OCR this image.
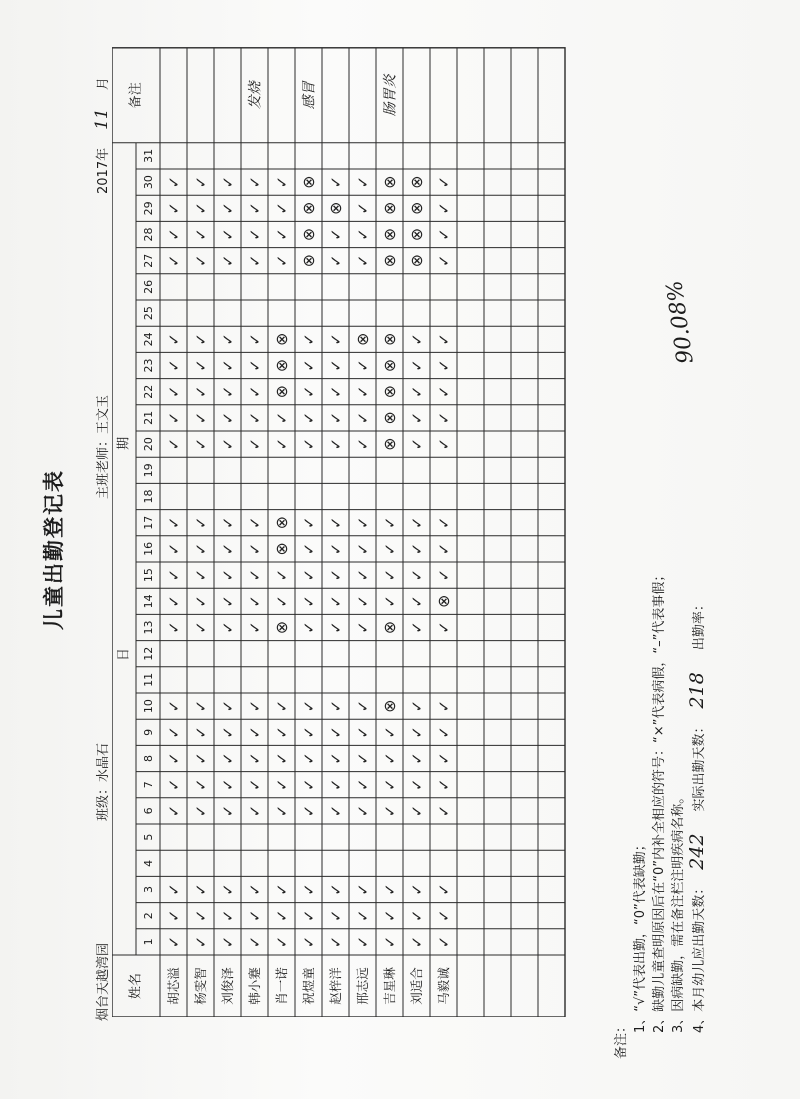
儿童出勤登记表
烟台天越湾园
班级：水晶石
主班老师：王文玉
2017年11月
姓名
日
期
备注
1
2
3
4
5
6
7
8
9
10
11
12
13
14
15
16
17
18
19
20
21
22
23
24
25
26
27
28
29
30
31
胡芯溢
✓
✓
✓
✓
✓
✓
✓
✓
✓
✓
✓
✓
✓
✓
✓
✓
✓
✓
✓
✓
✓
✓
杨雯智
✓
✓
✓
✓
✓
✓
✓
✓
✓
✓
✓
✓
✓
✓
✓
✓
✓
✓
✓
✓
✓
✓
刘俊泽
✓
✓
✓
✓
✓
✓
✓
✓
✓
✓
✓
✓
✓
✓
✓
✓
✓
✓
✓
✓
✓
✓
韩小蹇
✓
✓
✓
✓
✓
✓
✓
✓
✓
✓
✓
✓
✓
✓
✓
✓
✓
✓
✓
✓
✓
✓
发烧
肖一诺
✓
✓
✓
✓
✓
✓
✓
✓
⊗
✓
✓
⊗
⊗
✓
✓
⊗
⊗
⊗
✓
✓
✓
✓
祝煜童
✓
✓
✓
✓
✓
✓
✓
✓
✓
✓
✓
✓
✓
✓
✓
✓
✓
✓
⊗
⊗
⊗
⊗
感冒
赵梓洋
✓
✓
✓
✓
✓
✓
✓
✓
✓
✓
✓
✓
✓
✓
✓
✓
✓
✓
✓
✓
⊗
✓
邢志远
✓
✓
✓
✓
✓
✓
✓
✓
✓
✓
✓
✓
✓
✓
✓
✓
✓
⊗
✓
✓
✓
✓
吉星琳
✓
✓
✓
✓
✓
✓
✓
⊗
⊗
✓
✓
✓
✓
⊗
⊗
⊗
⊗
⊗
⊗
⊗
⊗
⊗
肠胃炎
刘适合
✓
✓
✓
✓
✓
✓
✓
✓
✓
✓
✓
✓
✓
✓
✓
✓
✓
✓
⊗
⊗
⊗
⊗
马毅诚
✓
✓
✓
✓
✓
✓
✓
✓
✓
⊗
✓
✓
✓
✓
✓
✓
✓
✓
✓
✓
✓
✓
备注：
1、“√”代表出勤，“0”代表缺勤； 2、缺勤儿童查明原因后在“0”内补全相应的符号：“×”代表病假，“–”代表事假； 3、因病缺勤，需在备注栏注明疾病名称。 4、本月幼儿应出勤天数：242实际出勤天数：218出勤率：
90.08%
